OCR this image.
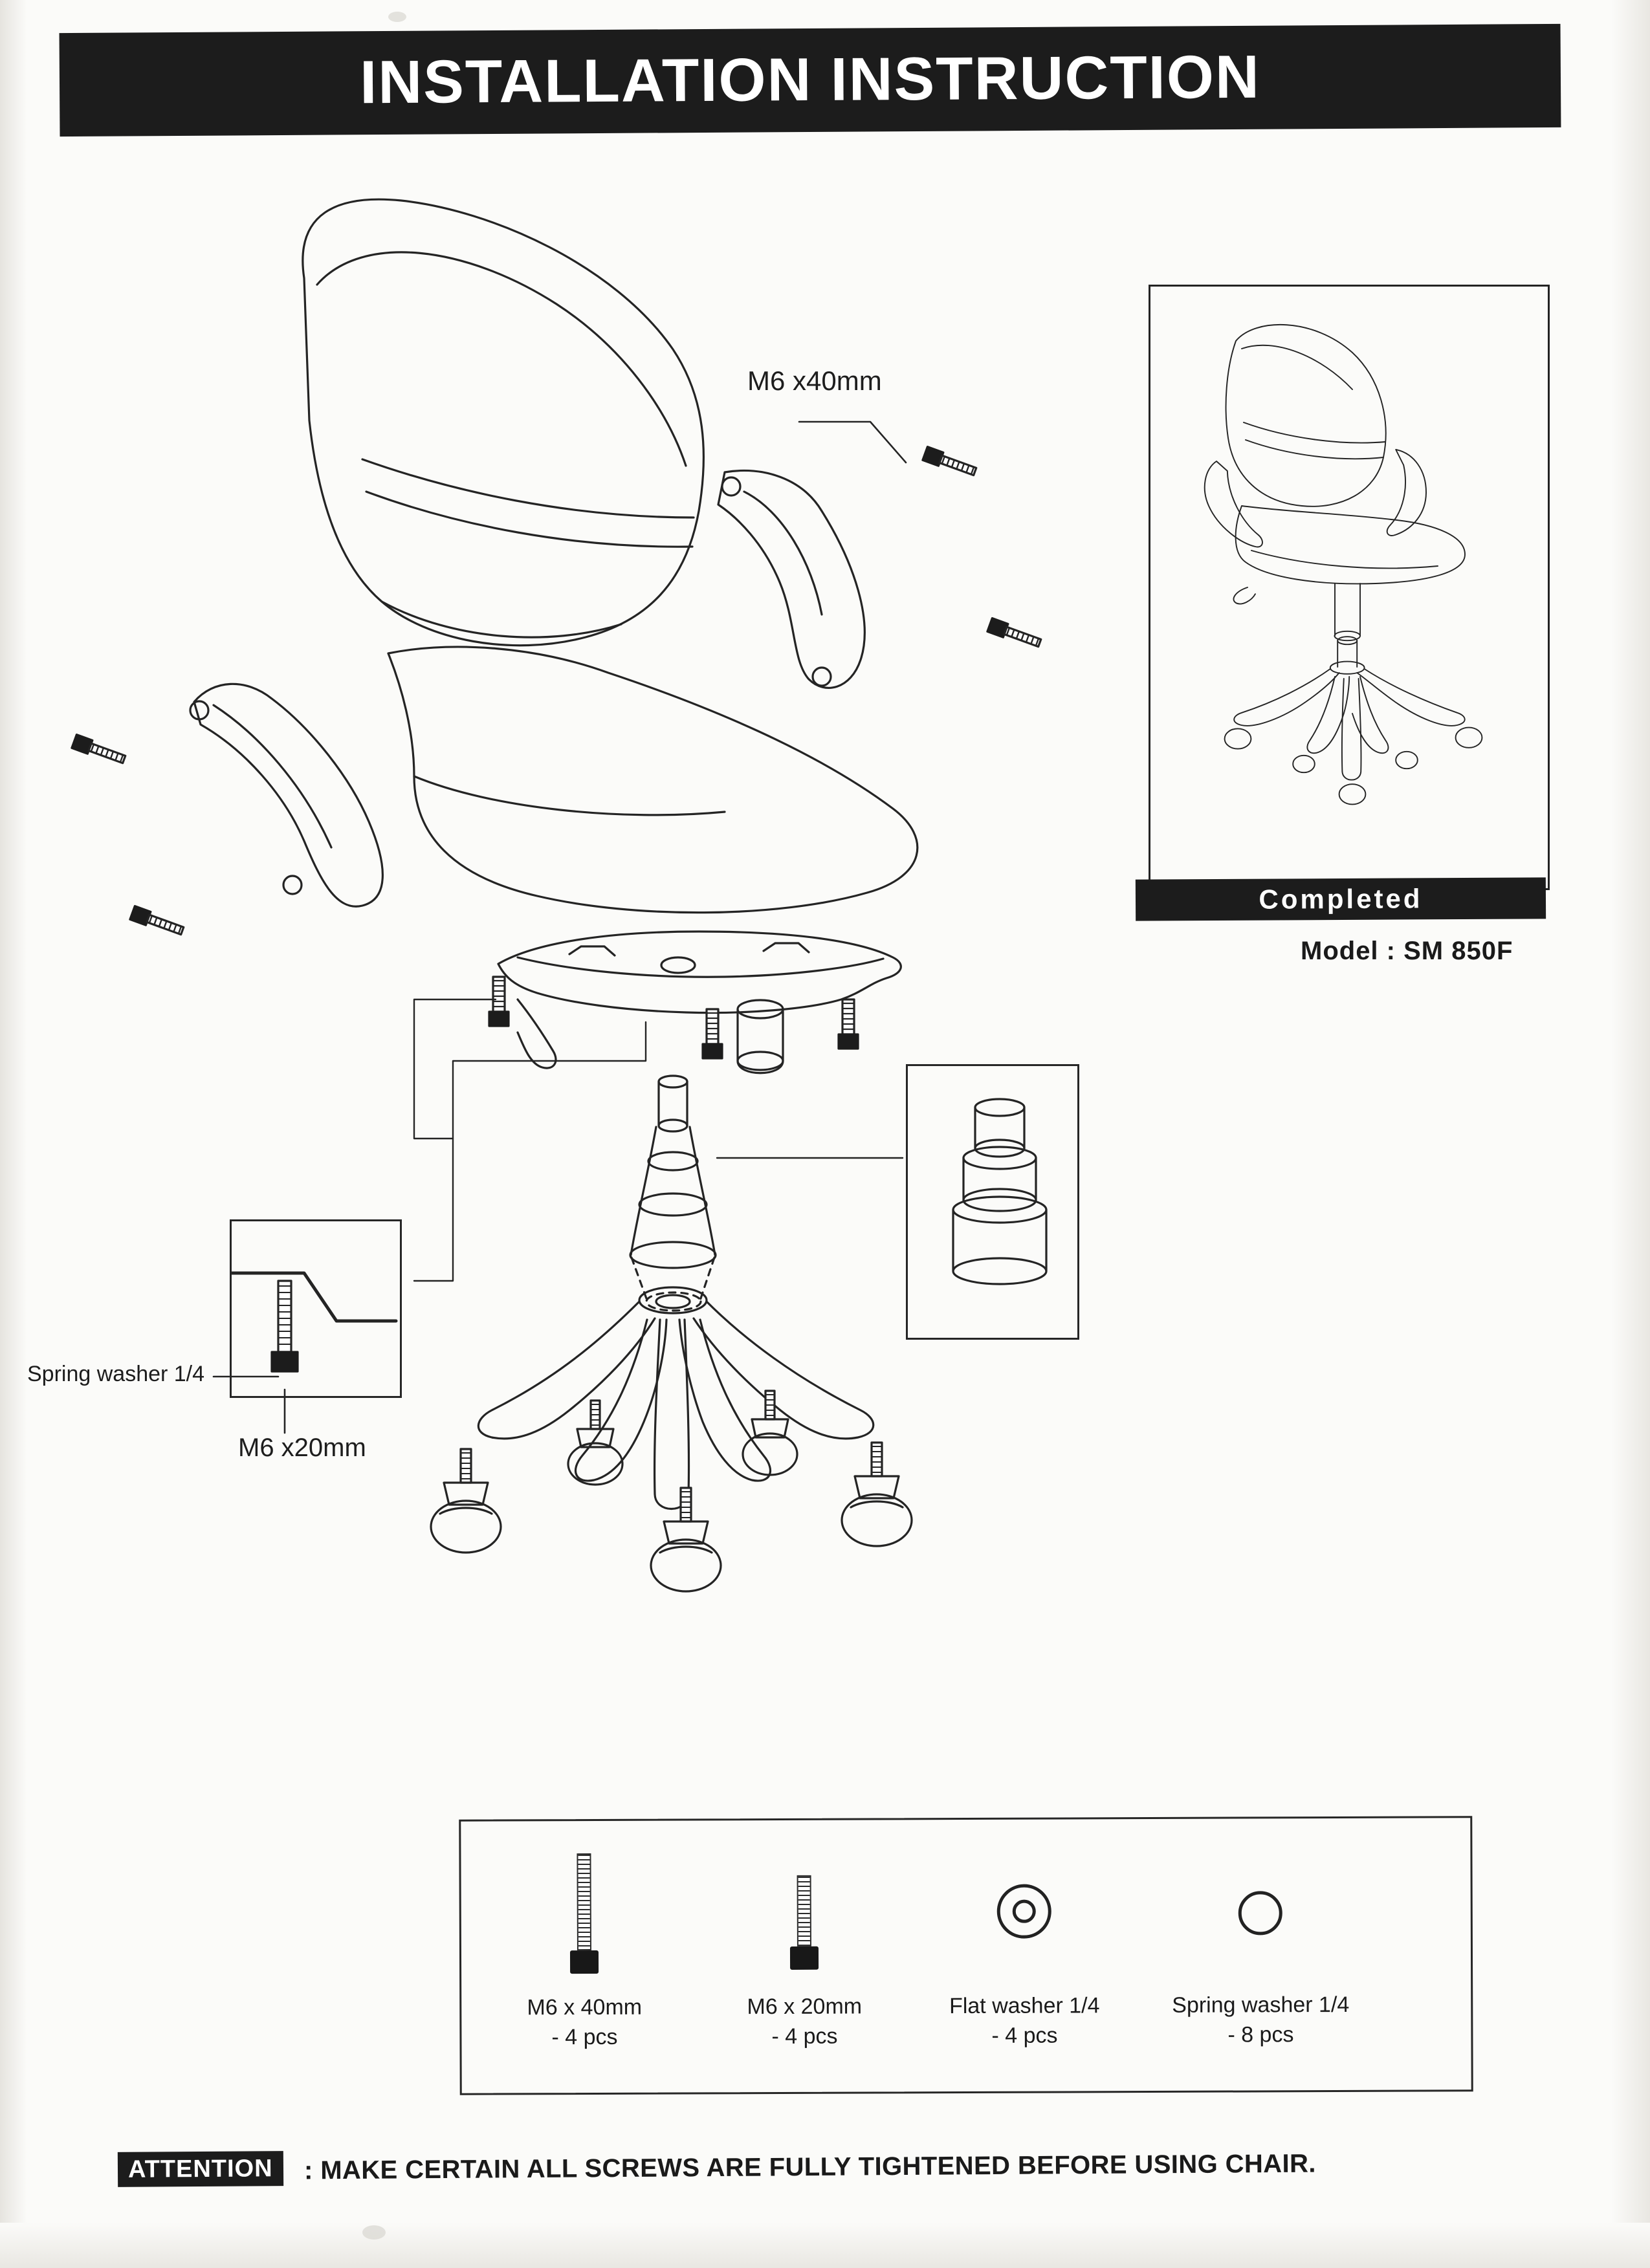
INSTALLATION INSTRUCTION
M6 x40mm
Spring washer 1/4
M6 x20mm
Completed
Model : SM 850F
M6 x 40mm
- 4 pcs
M6 x 20mm
- 4 pcs
Flat washer 1/4
- 4 pcs
Spring washer 1/4
- 8 pcs
ATTENTION	: MAKE CERTAIN ALL SCREWS ARE FULLY TIGHTENED BEFORE USING CHAIR.
